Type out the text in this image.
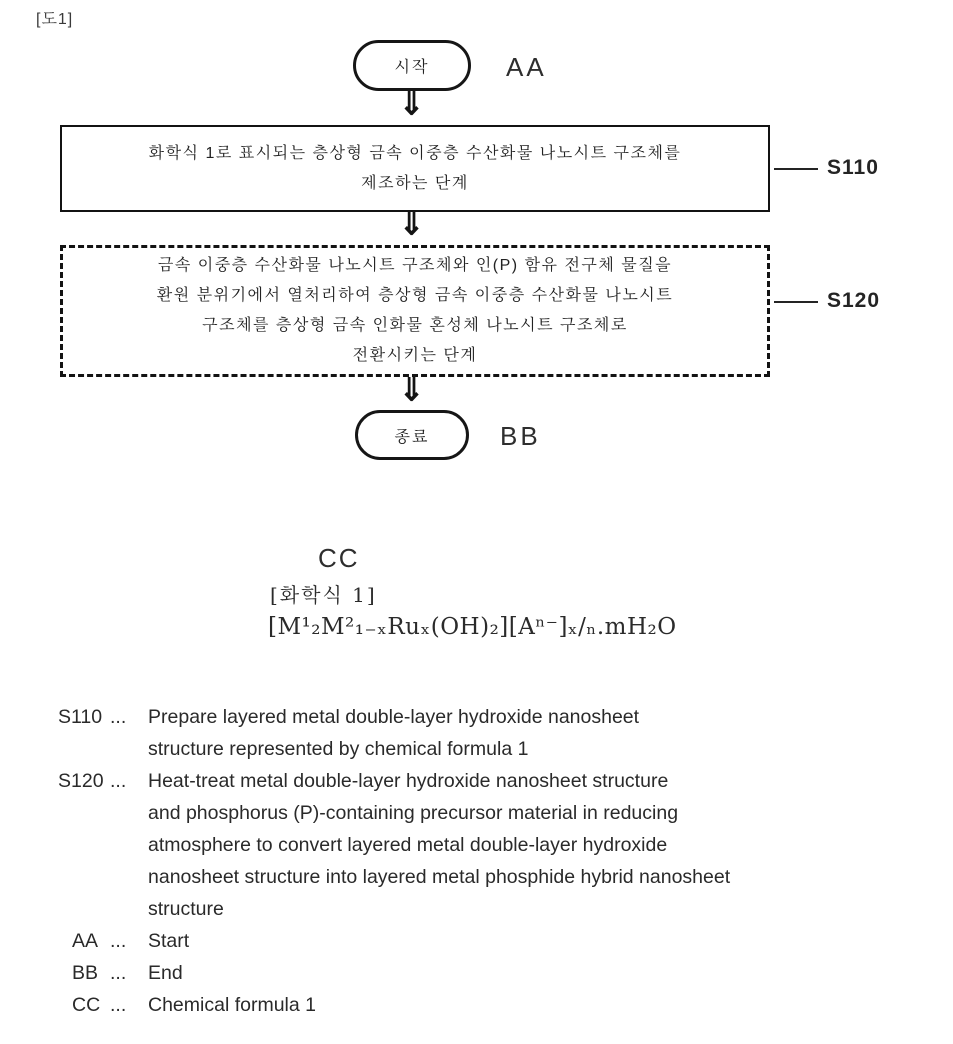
[도1]
시작	AA
⇓
화학식 1로 표시되는 층상형 금속 이중층 수산화물 나노시트 구조체를
제조하는 단계
S110
⇓
금속 이중층 수산화물 나노시트 구조체와 인(P) 함유 전구체 물질을
환원 분위기에서 열처리하여 층상형 금속 이중층 수산화물 나노시트
구조체를 층상형 금속 인화물 혼성체 나노시트 구조체로
전환시키는 단계
S120
⇓
종료	BB
CC
[화학식 1]
[M¹₂M²₁₋ₓRuₓ(OH)₂][Aⁿ⁻]ₓ/ₙ.mH₂O
S110 ...	Prepare layered metal double-layer hydroxide nanosheet
structure represented by chemical formula 1
S120 ...	Heat-treat metal double-layer hydroxide nanosheet structure
and phosphorus (P)-containing precursor material in reducing
atmosphere to convert layered metal double-layer hydroxide
nanosheet structure into layered metal phosphide hybrid nanosheet
structure
AA ...	Start
BB ...	End
CC ...	Chemical formula 1
